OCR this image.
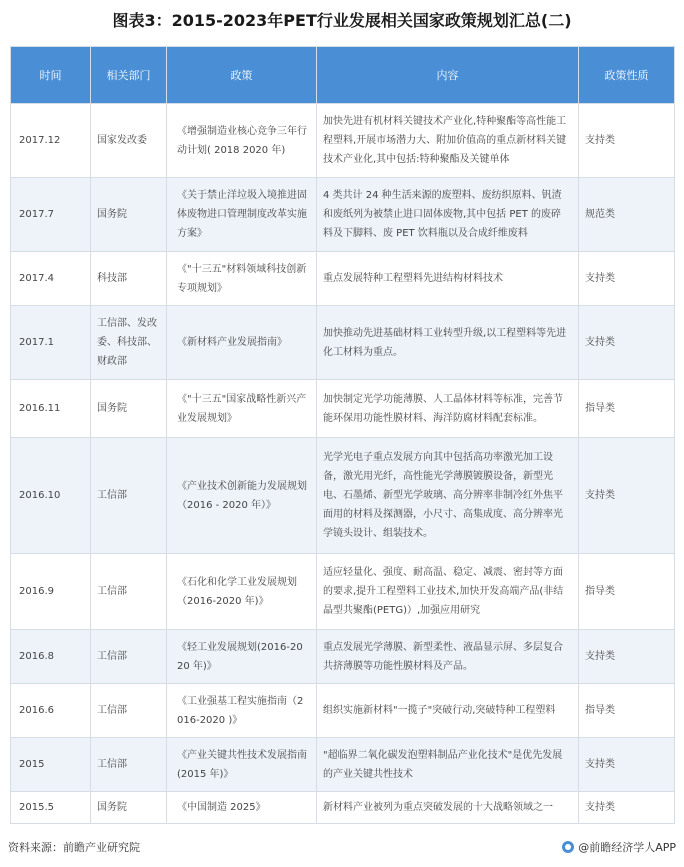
图表3：2015-2023年PET行业发展相关国家政策规划汇总(二)
时间	相关部门	政策	内容	政策性质
2017.12	国家发改委	《增强制造业核心竞争三年行动计划( 2018 2020 年)	加快先进有机材料关键技术产业化,特种聚酯等高性能工程塑料,开展市场潜力大、附加价值高的重点新材料关键技术产业化,其中包括:特种聚酯及关键单体	支持类
2017.7	国务院	《关于禁止洋垃圾入境推进固体废物进口管理制度改革实施方案》	4 类共计 24 种生活来源的废塑料、废纺织原料、钒渣和废纸列为被禁止进口固体废物,其中包括 PET 的废碎料及下脚料、废 PET 饮料瓶以及合成纤维废料	规范类
2017.4	科技部	《"十三五"材料领域科技创新专项规划》	重点发展特种工程塑料先进结构材料技术	支持类
2017.1	工信部、发改委、科技部、财政部	《新材料产业发展指南》	加快推动先进基础材料工业转型升级,以工程塑料等先进化工材料为重点。	支持类
2016.11	国务院	《"十三五"国家战略性新兴产业发展规划》	加快制定光学功能薄膜、人工晶体材料等标准，完善节能环保用功能性膜材料、海洋防腐材料配套标准。	指导类
2016.10	工信部	《产业技术创新能力发展规划（2016 - 2020 年）》	光学光电子重点发展方向其中包括高功率激光加工设备，激光用光纤，高性能光学薄膜镀膜设备，新型光电、石墨烯、新型光学玻璃、高分辨率非制冷红外焦平面用的材料及探测器，小尺寸、高集成度、高分辨率光学镜头设计、组装技术。	支持类
2016.9	工信部	《石化和化学工业发展规划（2016-2020 年)》	适应轻量化、强度、耐高温、稳定、减震、密封等方面的要求,提升工程塑料工业技术,加快开发高端产品(非结晶型共聚酯(PETG)）,加强应用研究	指导类
2016.8	工信部	《轻工业发展规划(2016-2020 年)》	重点发展光学薄膜、新型柔性、液晶显示屏、多层复合共挤薄膜等功能性膜材料及产品。	支持类
2016.6	工信部	《工业强基工程实施指南（2016-2020 )》	组织实施新材料"一揽子"突破行动,突破特种工程塑料	指导类
2015	工信部	《产业关键共性技术发展指南(2015 年)》	"超临界二氧化碳发泡塑料制品产业化技术"是优先发展的产业关键共性技术	支持类
2015.5	国务院	《中国制造 2025》	新材料产业被列为重点突破发展的十大战略领域之一	支持类
资料来源：前瞻产业研究院	@前瞻经济学人APP
